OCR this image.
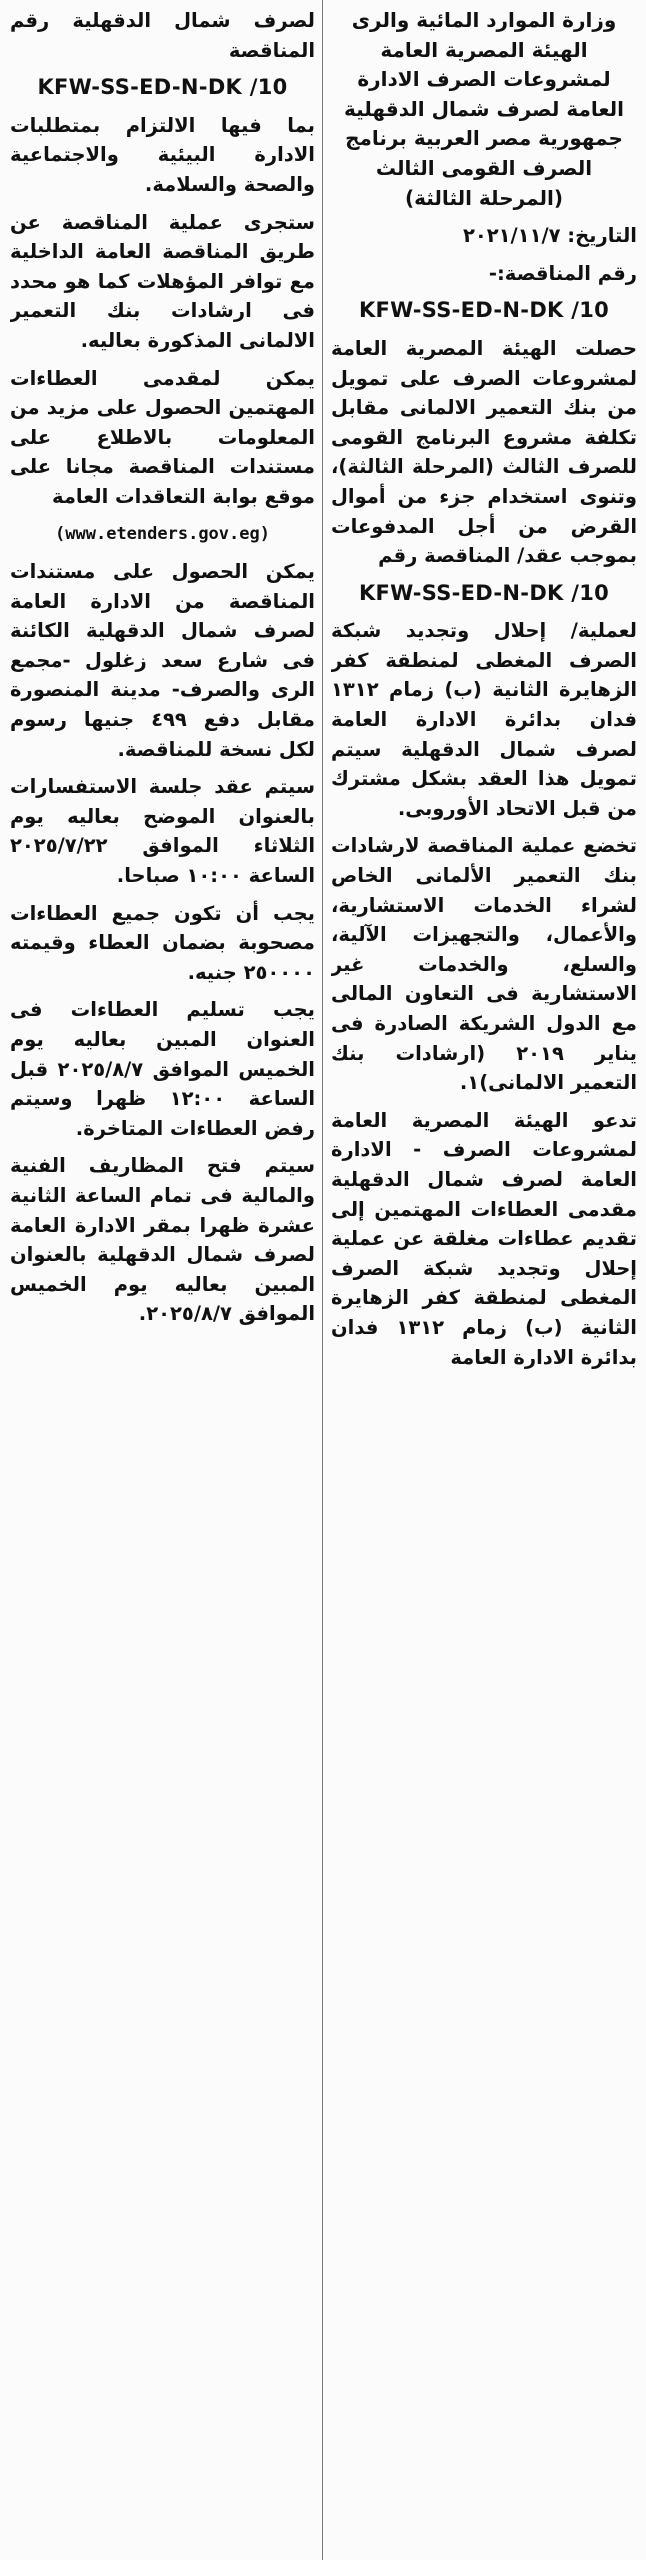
وزارة الموارد المائية والرى الهيئة المصرية العامة لمشروعات الصرف الادارة العامة لصرف شمال الدقهلية جمهورية مصر العربية برنامج الصرف القومى الثالث (المرحلة الثالثة)

التاريخ: ٢٠٢١/١١/٧

رقم المناقصة:-

KFW-SS-ED-N-DK /10

حصلت الهيئة المصرية العامة لمشروعات الصرف على تمويل من بنك التعمير الالمانى مقابل تكلفة مشروع البرنامج القومى للصرف الثالث (المرحلة الثالثة)، وتنوى استخدام جزء من أموال القرض من أجل المدفوعات بموجب عقد/ المناقصة رقم

KFW-SS-ED-N-DK /10

لعملية/ إحلال وتجديد شبكة الصرف المغطى لمنطقة كفر الزهايرة الثانية (ب) زمام ١٣١٢ فدان بدائرة الادارة العامة لصرف شمال الدقهلية سيتم تمويل هذا العقد بشكل مشترك من قبل الاتحاد الأوروبى.

تخضع عملية المناقصة لارشادات بنك التعمير الألمانى الخاص لشراء الخدمات الاستشارية، والأعمال، والتجهيزات الآلية، والسلع، والخدمات غير الاستشارية فى التعاون المالى مع الدول الشريكة الصادرة فى يناير ٢٠١٩ (ارشادات بنك التعمير الالمانى)١.

تدعو الهيئة المصرية العامة لمشروعات الصرف - الادارة العامة لصرف شمال الدقهلية مقدمى العطاءات المهتمين إلى تقديم عطاءات مغلقة عن عملية إحلال وتجديد شبكة الصرف المغطى لمنطقة كفر الزهايرة الثانية (ب) زمام ١٣١٢ فدان بدائرة الادارة العامة

لصرف شمال الدقهلية رقم المناقصة

KFW-SS-ED-N-DK /10

بما فيها الالتزام بمتطلبات الادارة البيئية والاجتماعية والصحة والسلامة.

ستجرى عملية المناقصة عن طريق المناقصة العامة الداخلية مع توافر المؤهلات كما هو محدد فى ارشادات بنك التعمير الالمانى المذكورة بعاليه.

يمكن لمقدمى العطاءات المهتمين الحصول على مزيد من المعلومات بالاطلاع على مستندات المناقصة مجانا على موقع بوابة التعاقدات العامة

(www.etenders.gov.eg)

يمكن الحصول على مستندات المناقصة من الادارة العامة لصرف شمال الدقهلية الكائنة فى شارع سعد زغلول -مجمع الرى والصرف- مدينة المنصورة مقابل دفع ٤٩٩ جنيها رسوم لكل نسخة للمناقصة.

سيتم عقد جلسة الاستفسارات بالعنوان الموضح بعاليه يوم الثلاثاء الموافق ٢٠٢٥/٧/٢٢ الساعة ١٠:٠٠ صباحا.

يجب أن تكون جميع العطاءات مصحوبة بضمان العطاء وقيمته ٢٥٠٠٠٠ جنيه.

يجب تسليم العطاءات فى العنوان المبين بعاليه يوم الخميس الموافق ٢٠٢٥/٨/٧ قبل الساعة ١٢:٠٠ ظهرا وسيتم رفض العطاءات المتاخرة.

سيتم فتح المظاريف الفنية والمالية فى تمام الساعة الثانية عشرة ظهرا بمقر الادارة العامة لصرف شمال الدقهلية بالعنوان المبين بعاليه يوم الخميس الموافق ٢٠٢٥/٨/٧.
